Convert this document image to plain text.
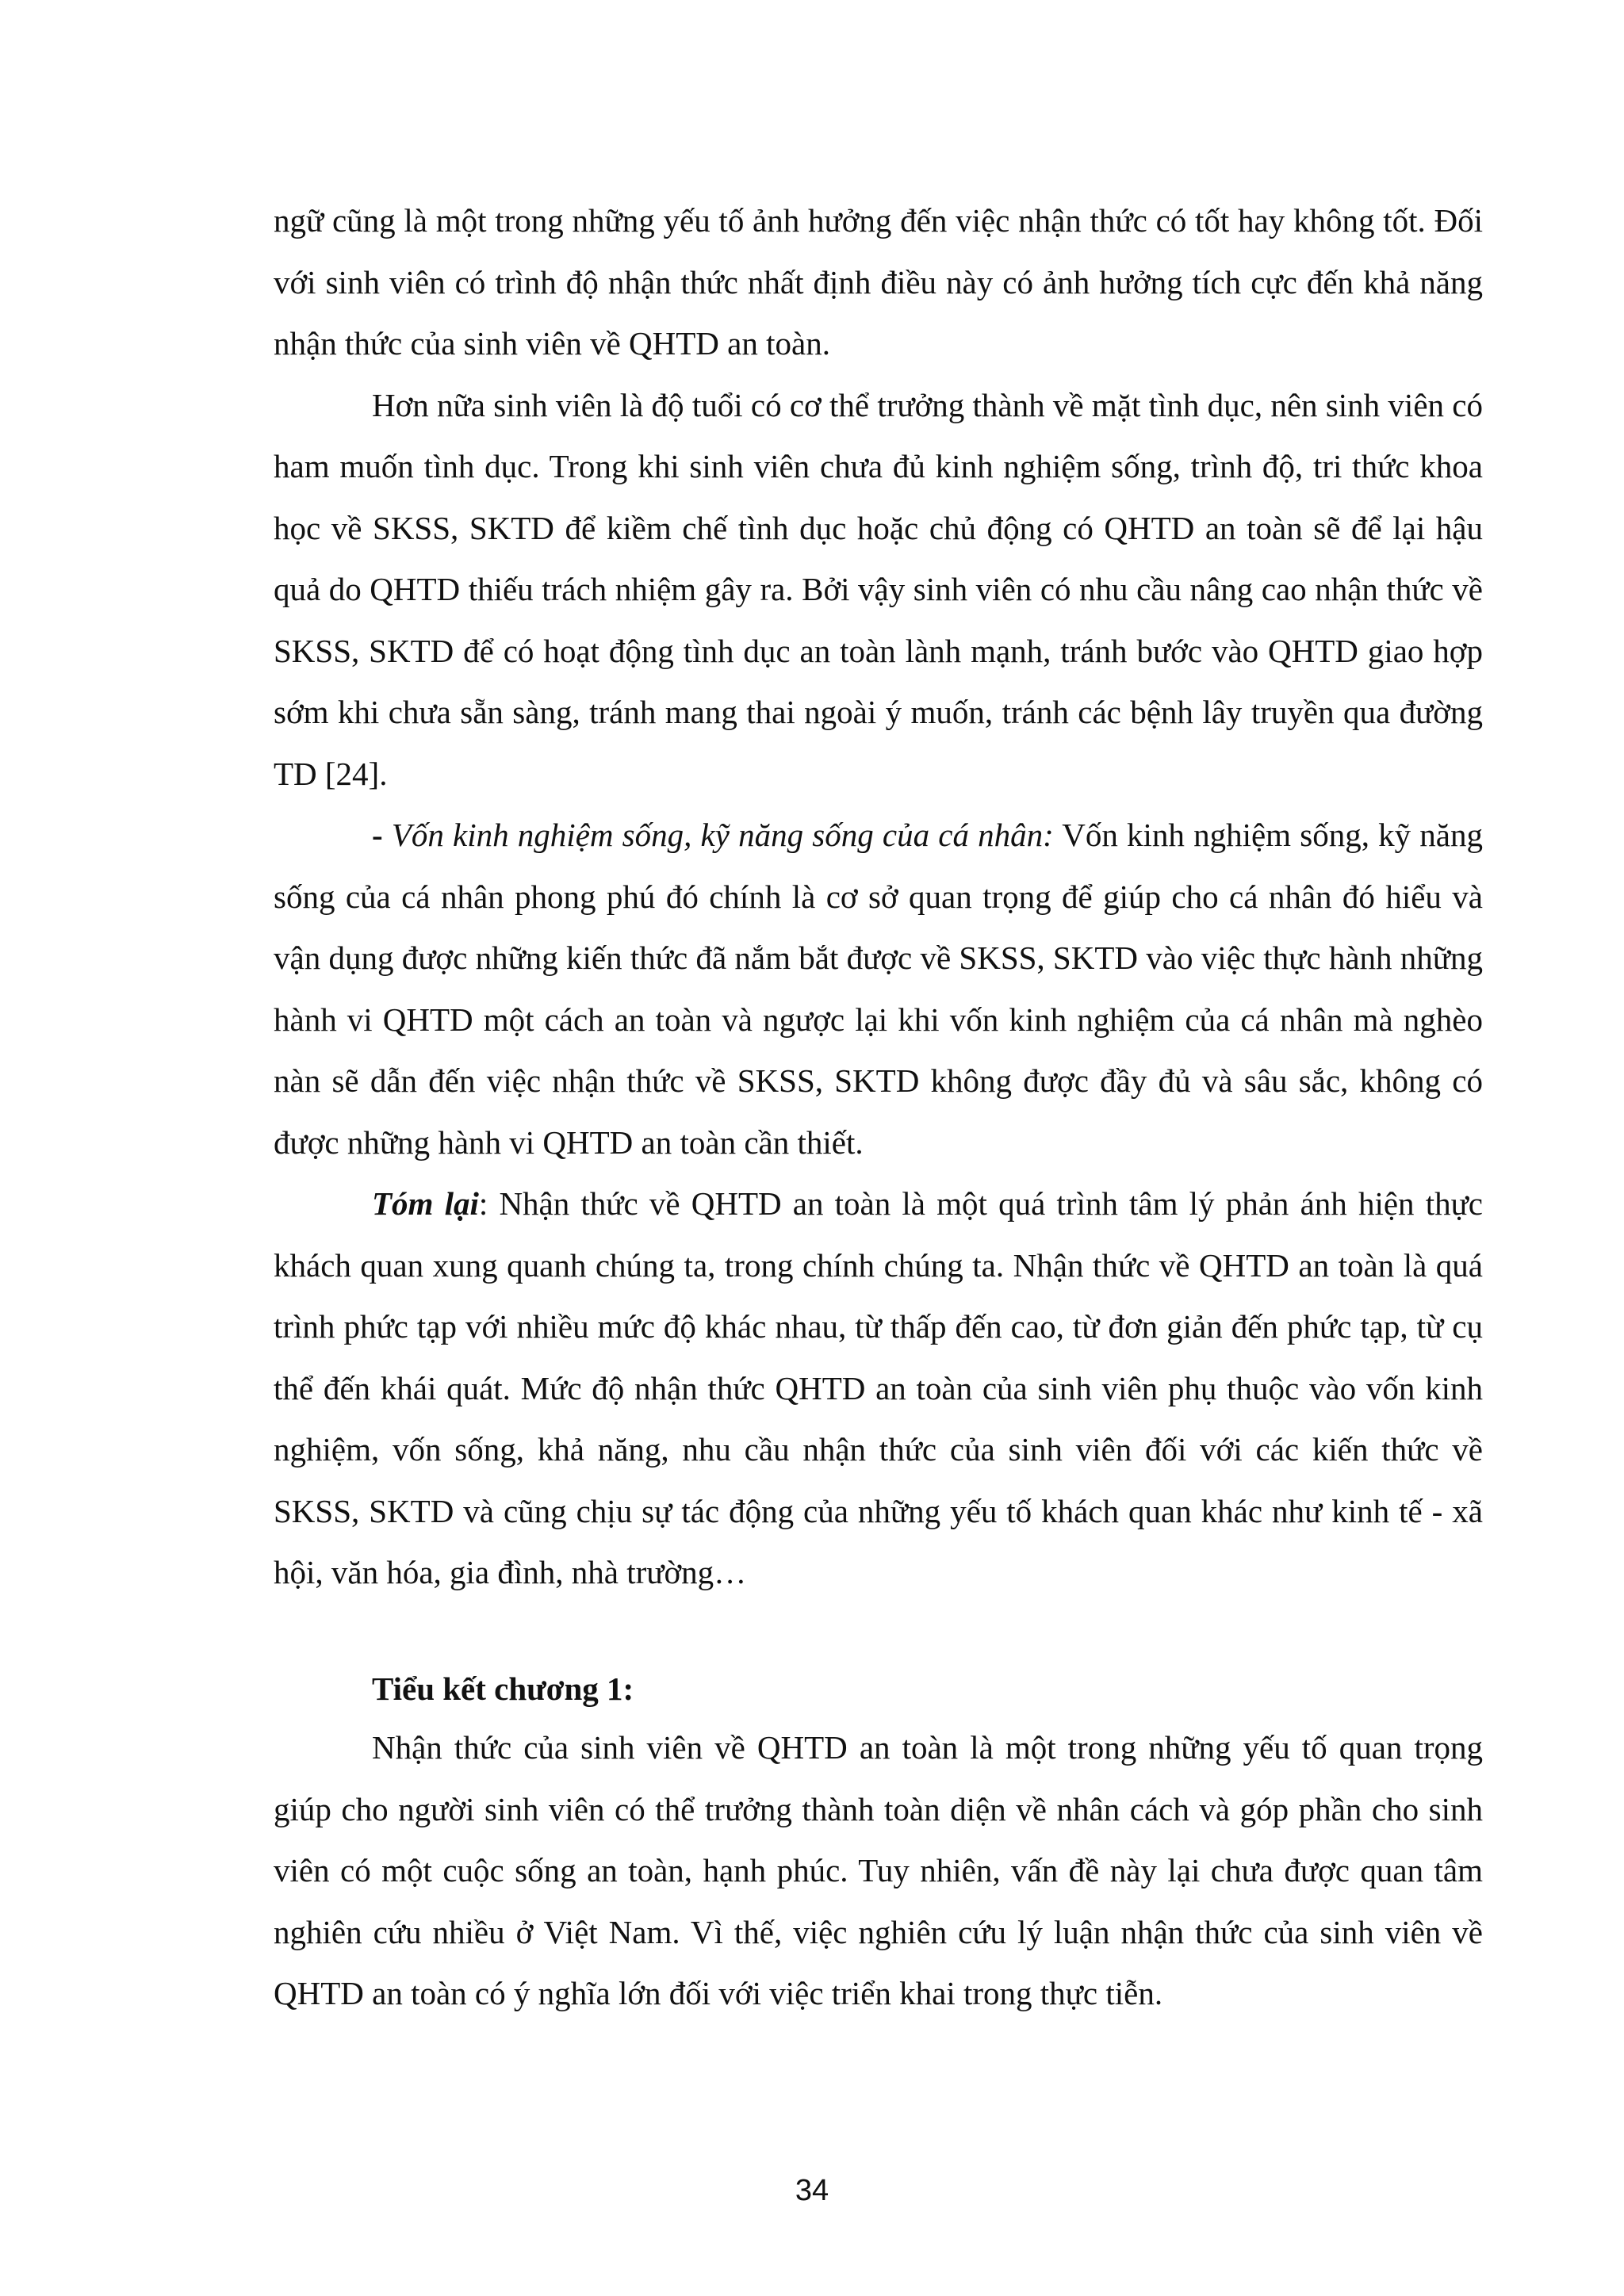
ngữ cũng là một trong những yếu tố ảnh hưởng đến việc nhận thức có tốt hay không tốt. Đối với sinh viên có trình độ nhận thức nhất định điều này có ảnh hưởng tích cực đến khả năng nhận thức của sinh viên về QHTD an toàn.

Hơn nữa sinh viên là độ tuổi có cơ thể trưởng thành về mặt tình dục, nên sinh viên có ham muốn tình dục. Trong khi sinh viên chưa đủ kinh nghiệm sống, trình độ, tri thức khoa học về SKSS, SKTD để kiềm chế tình dục hoặc chủ động có QHTD an toàn sẽ để lại hậu quả do QHTD thiếu trách nhiệm gây ra. Bởi vậy sinh viên có nhu cầu nâng cao nhận thức về SKSS, SKTD để có hoạt động tình dục an toàn lành mạnh, tránh bước vào QHTD giao hợp sớm khi chưa sẵn sàng, tránh mang thai ngoài ý muốn, tránh các bệnh lây truyền qua đường TD [24].

- Vốn kinh nghiệm sống, kỹ năng sống của cá nhân: Vốn kinh nghiệm sống, kỹ năng sống của cá nhân phong phú đó chính là cơ sở quan trọng để giúp cho cá nhân đó hiểu và vận dụng được những kiến thức đã nắm bắt được về SKSS, SKTD vào việc thực hành những hành vi QHTD một cách an toàn và ngược lại khi vốn kinh nghiệm của cá nhân mà nghèo nàn sẽ dẫn đến việc nhận thức về SKSS, SKTD không được đầy đủ và sâu sắc, không có được những hành vi QHTD an toàn cần thiết.

Tóm lại: Nhận thức về QHTD an toàn là một quá trình tâm lý phản ánh hiện thực khách quan xung quanh chúng ta, trong chính chúng ta. Nhận thức về QHTD an toàn là quá trình phức tạp với nhiều mức độ khác nhau, từ thấp đến cao, từ đơn giản đến phức tạp, từ cụ thể đến khái quát. Mức độ nhận thức QHTD an toàn của sinh viên phụ thuộc vào vốn kinh nghiệm, vốn sống, khả năng, nhu cầu nhận thức của sinh viên đối với các kiến thức về SKSS, SKTD và cũng chịu sự tác động của những yếu tố khách quan khác như kinh tế - xã hội, văn hóa, gia đình, nhà trường…

Tiểu kết chương 1:

Nhận thức của sinh viên về QHTD an toàn là một trong những yếu tố quan trọng giúp cho người sinh viên có thể trưởng thành toàn diện về nhân cách và góp phần cho sinh viên có một cuộc sống an toàn, hạnh phúc. Tuy nhiên, vấn đề này lại chưa được quan tâm nghiên cứu nhiều ở Việt Nam. Vì thế, việc nghiên cứu lý luận nhận thức của sinh viên về QHTD an toàn có ý nghĩa lớn đối với việc triển khai trong thực tiễn.

34
